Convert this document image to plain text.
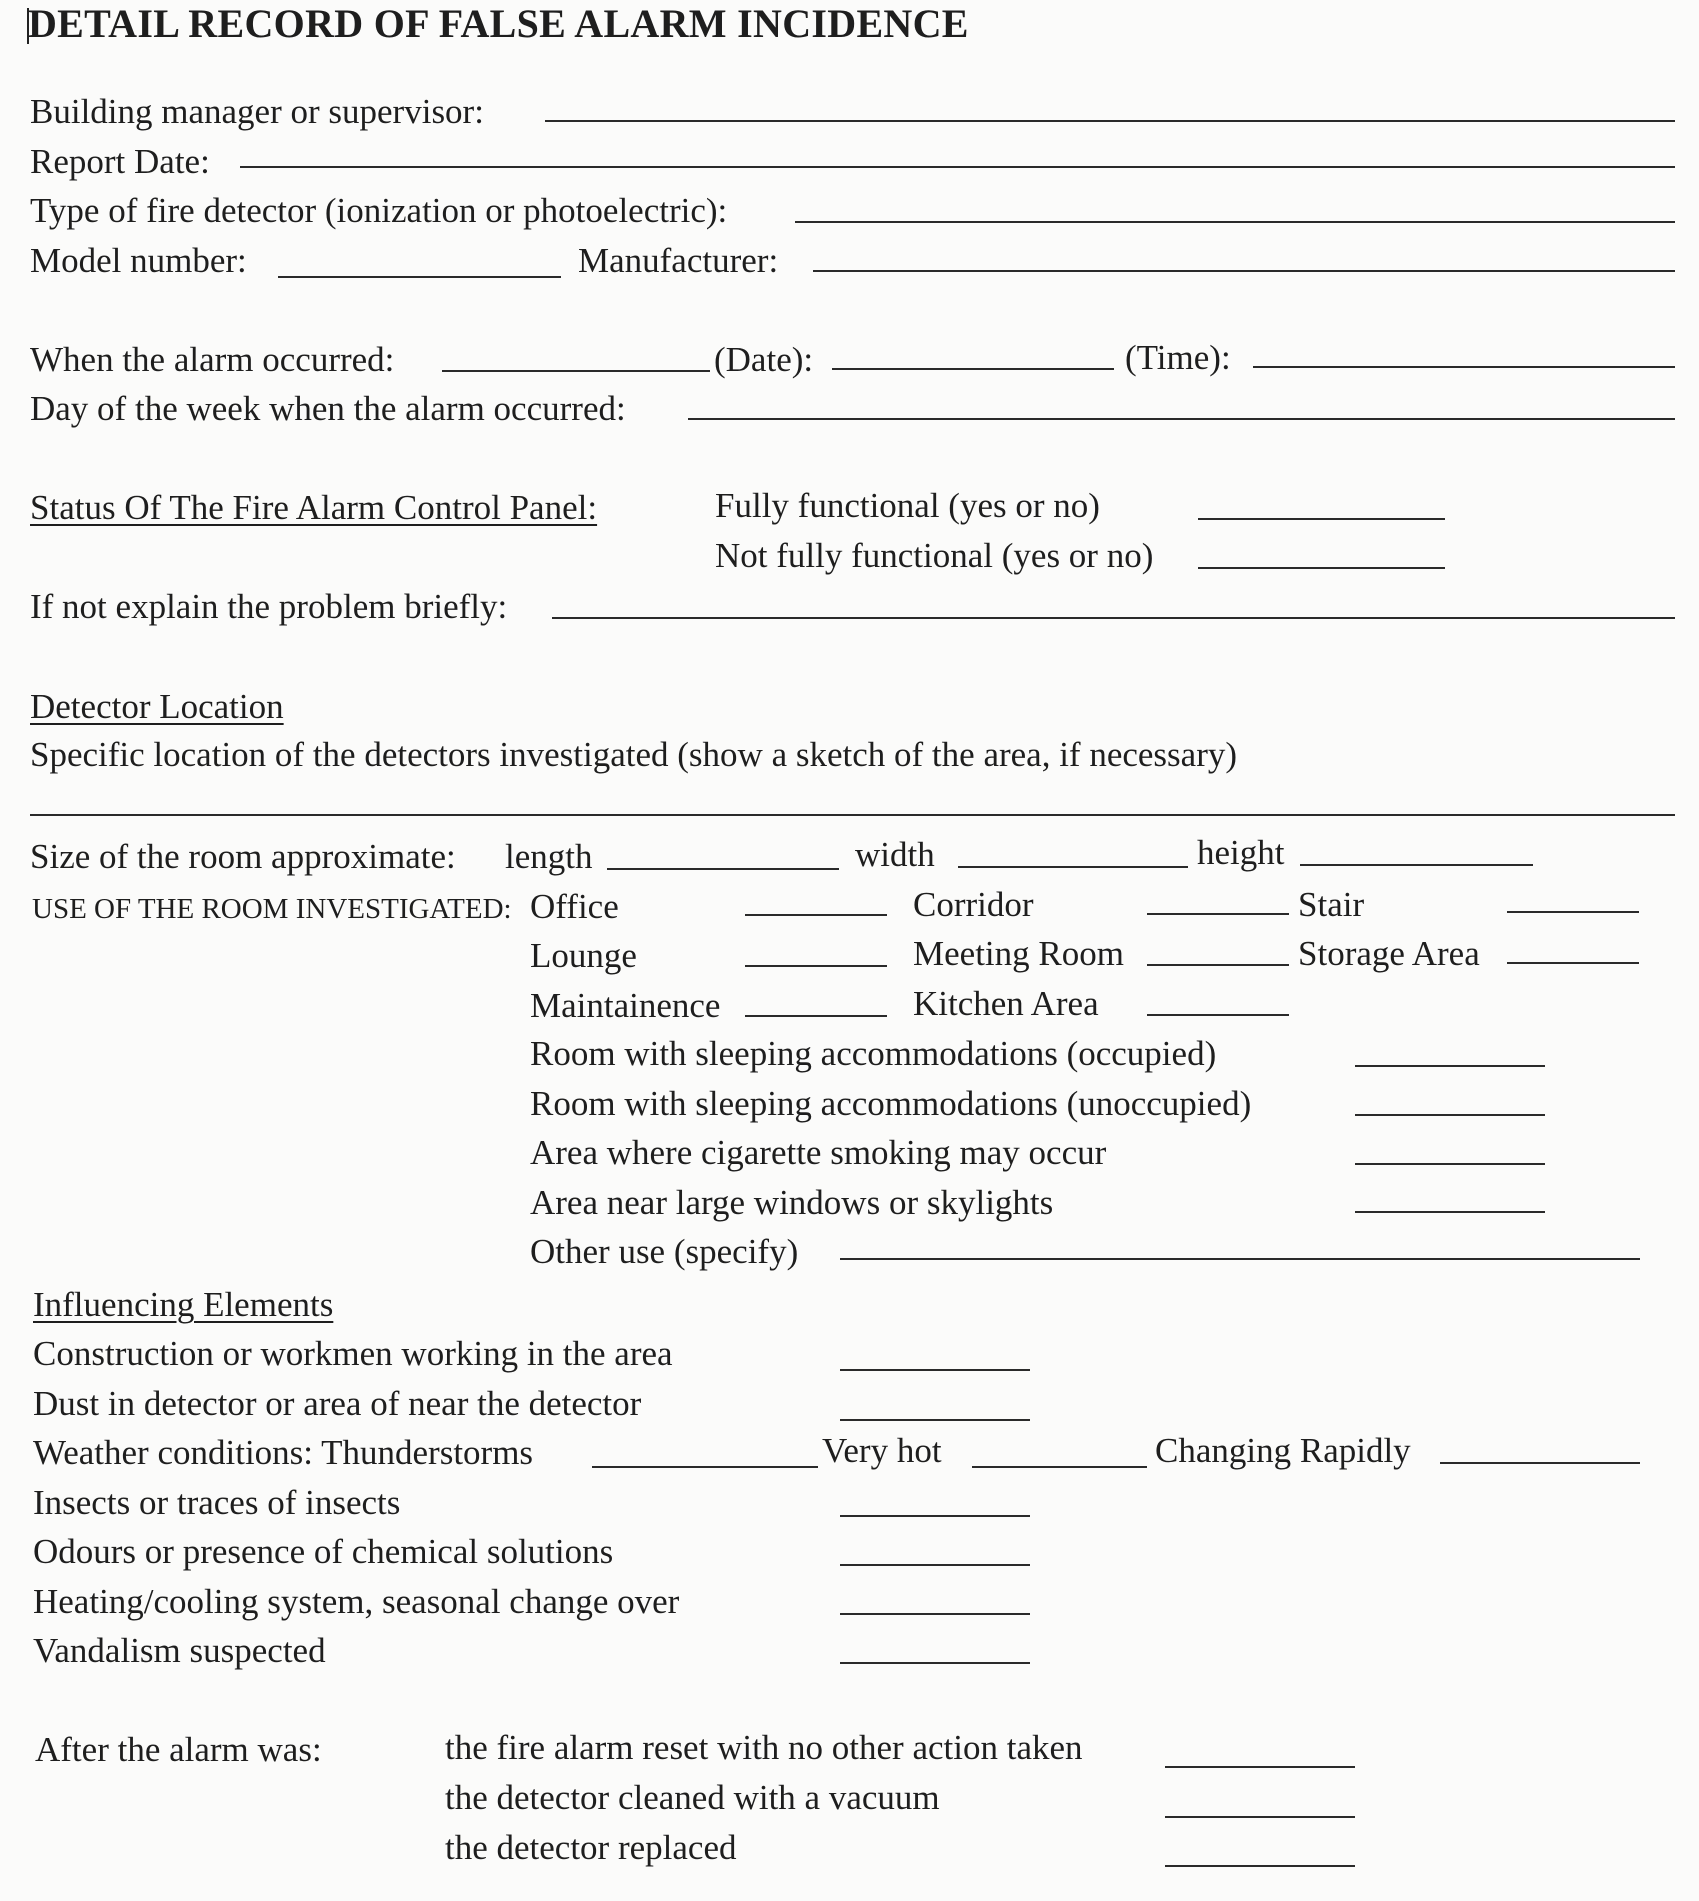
DETAIL RECORD OF FALSE ALARM INCIDENCE
Building manager or supervisor:
Report Date:
Type of fire detector (ionization or photoelectric):
Model number:	Manufacturer:
When the alarm occurred:	(Date):	(Time):
Day of the week when the alarm occurred:
Status Of The Fire Alarm Control Panel:	Fully functional (yes or no)
Not fully functional (yes or no)
If not explain the problem briefly:
Detector Location
Specific location of the detectors investigated (show a sketch of the area, if necessary)
Size of the room approximate: length	width	height
USE OF THE ROOM INVESTIGATED: Office	Corridor	Stair
Lounge	Meeting Room	Storage Area
Maintainence	Kitchen Area
Room with sleeping accommodations (occupied)
Room with sleeping accommodations (unoccupied)
Area where cigarette smoking may occur
Area near large windows or skylights
Other use (specify)
Influencing Elements
Construction or workmen working in the area
Dust in detector or area of near the detector
Weather conditions: Thunderstorms	Very hot	Changing Rapidly
Insects or traces of insects
Odours or presence of chemical solutions
Heating/cooling system, seasonal change over
Vandalism suspected
After the alarm was:	the fire alarm reset with no other action taken
the detector cleaned with a vacuum
the detector replaced
